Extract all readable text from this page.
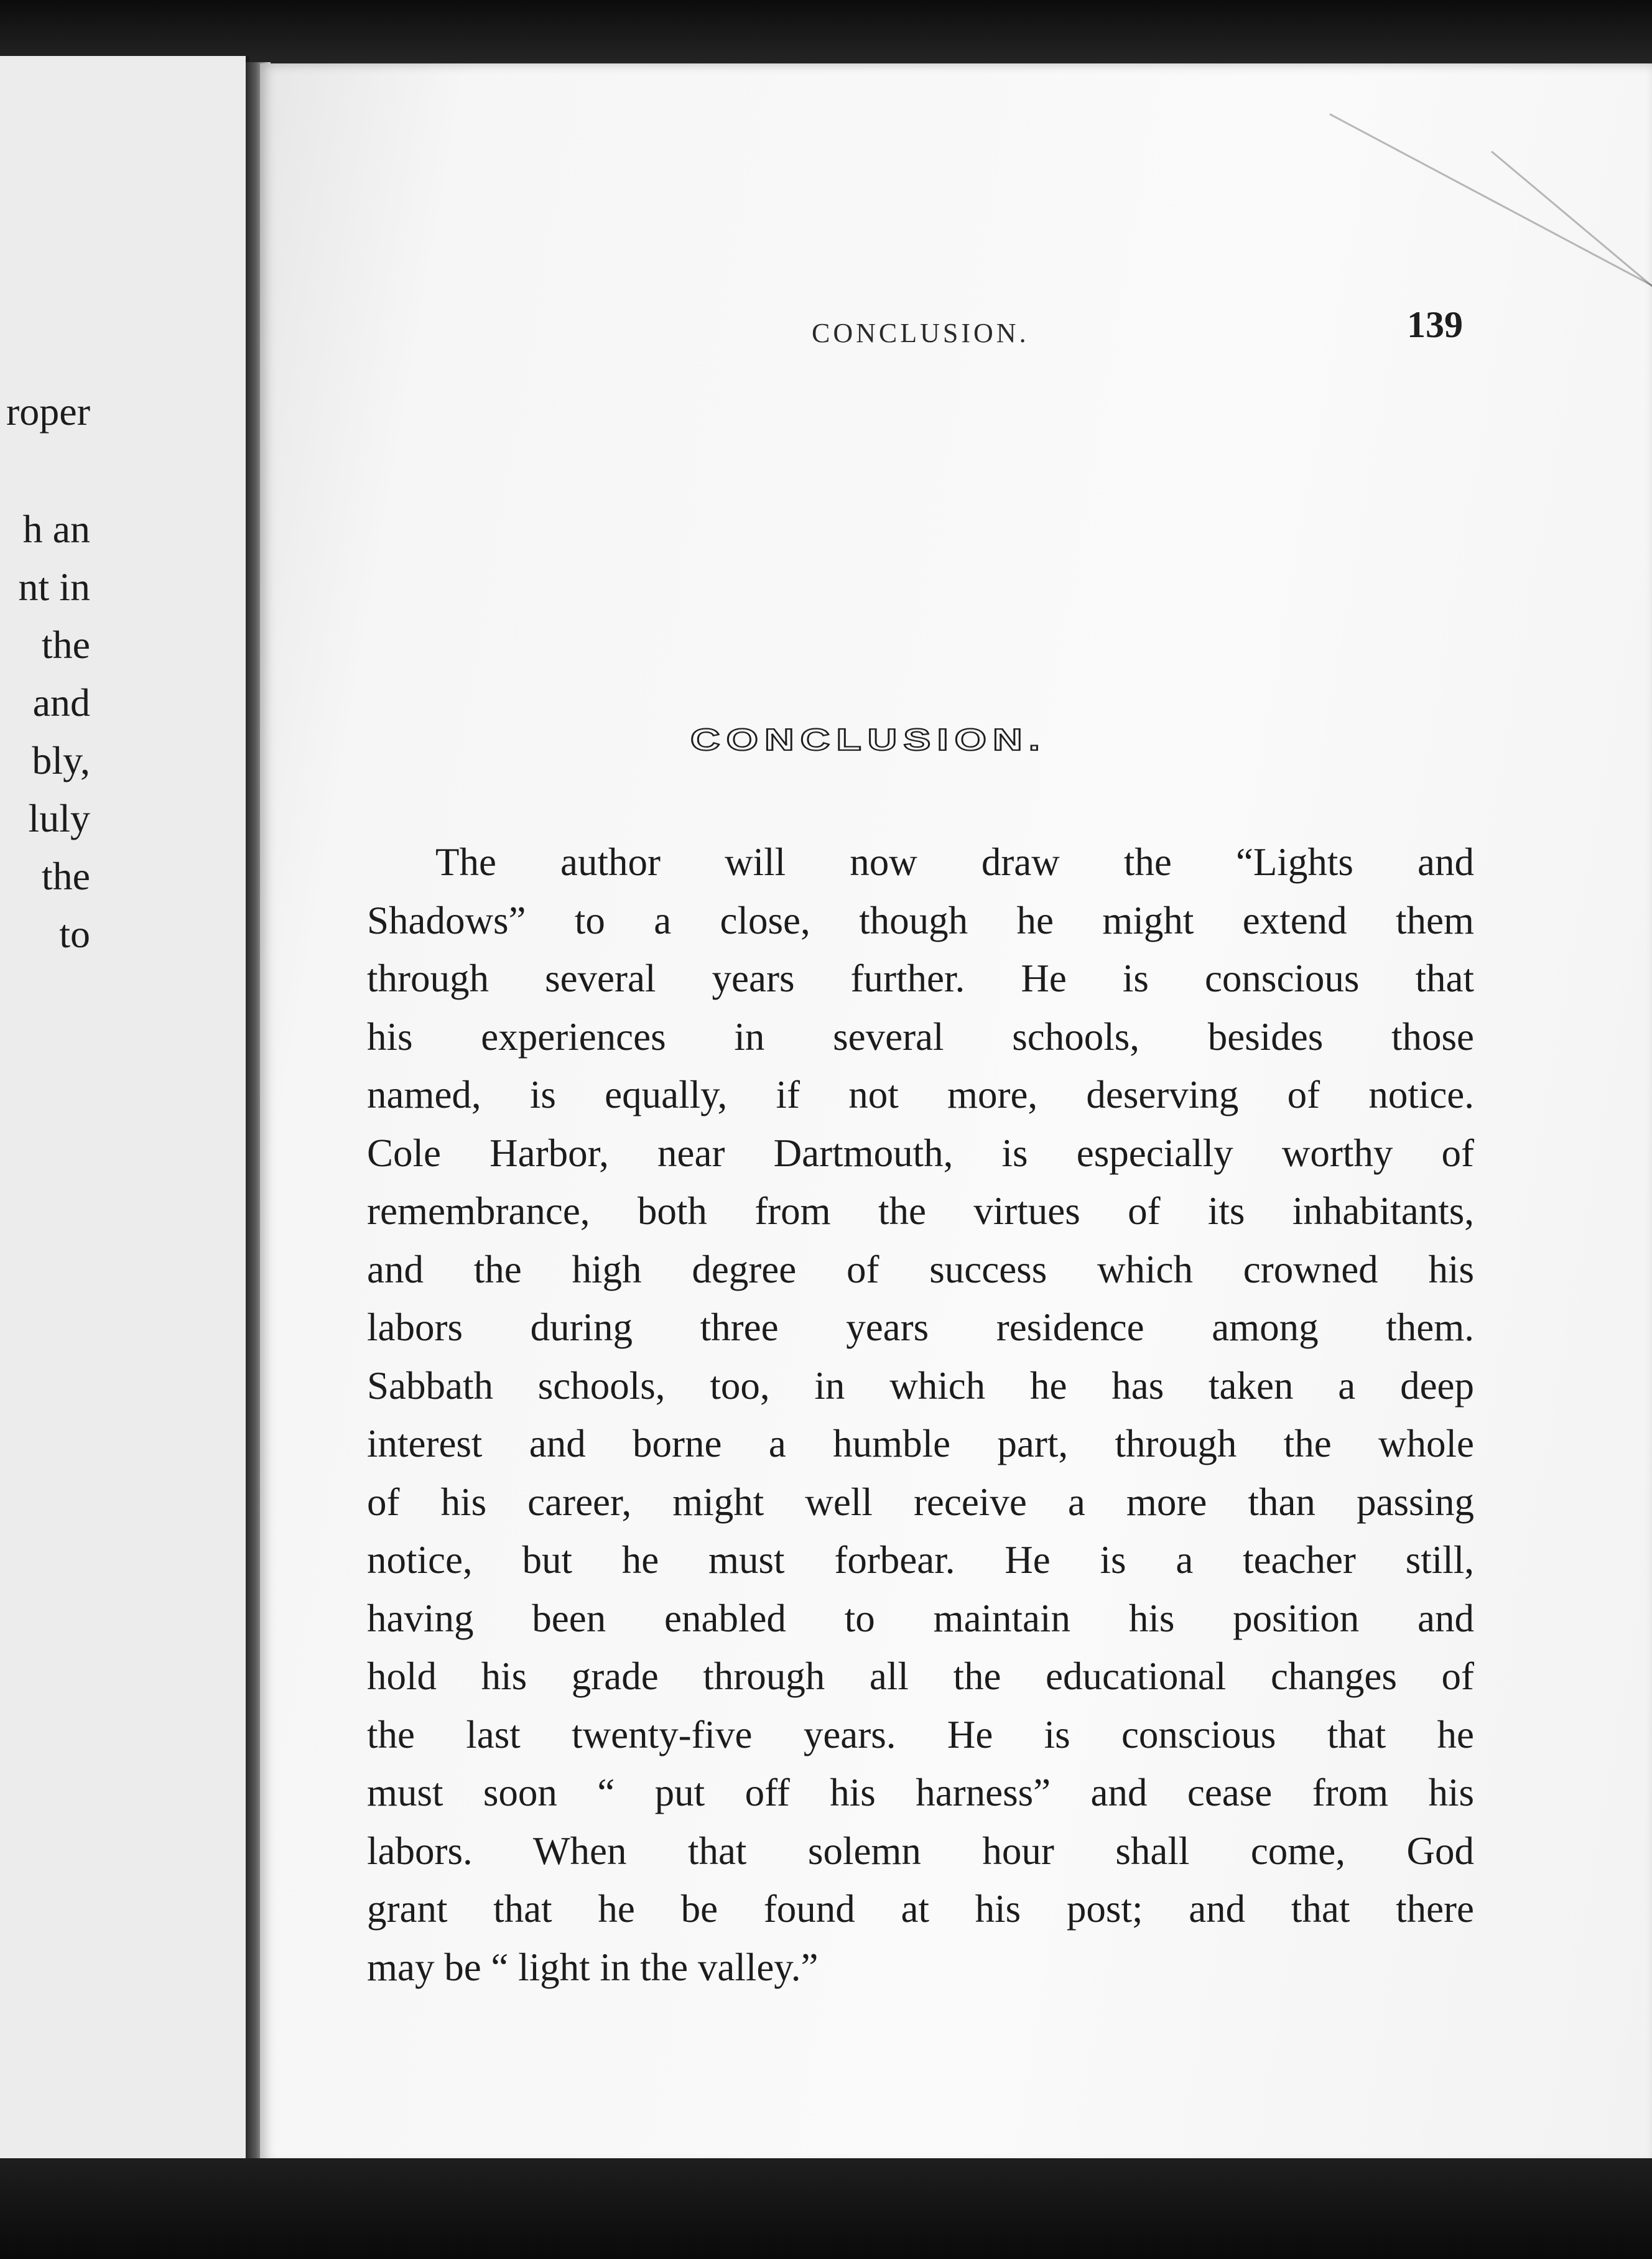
roper
h an
nt in
the
and
bly,
luly
the
to
CONCLUSION.	139
CONCLUSION.
The author will now draw the “Lights and
Shadows” to a close, though he might extend them
through several years further. He is conscious that
his experiences in several schools, besides those
named, is equally, if not more, deserving of notice.
Cole Harbor, near Dartmouth, is especially worthy of
remembrance, both from the virtues of its inhabitants,
and the high degree of success which crowned his
labors during three years residence among them.
Sabbath schools, too, in which he has taken a deep
interest and borne a humble part, through the whole
of his career, might well receive a more than passing
notice, but he must forbear. He is a teacher still,
having been enabled to maintain his position and
hold his grade through all the educational changes of
the last twenty-five years. He is conscious that he
must soon “ put off his harness” and cease from his
labors. When that solemn hour shall come, God
grant that he be found at his post; and that there
may be “ light in the valley.”
